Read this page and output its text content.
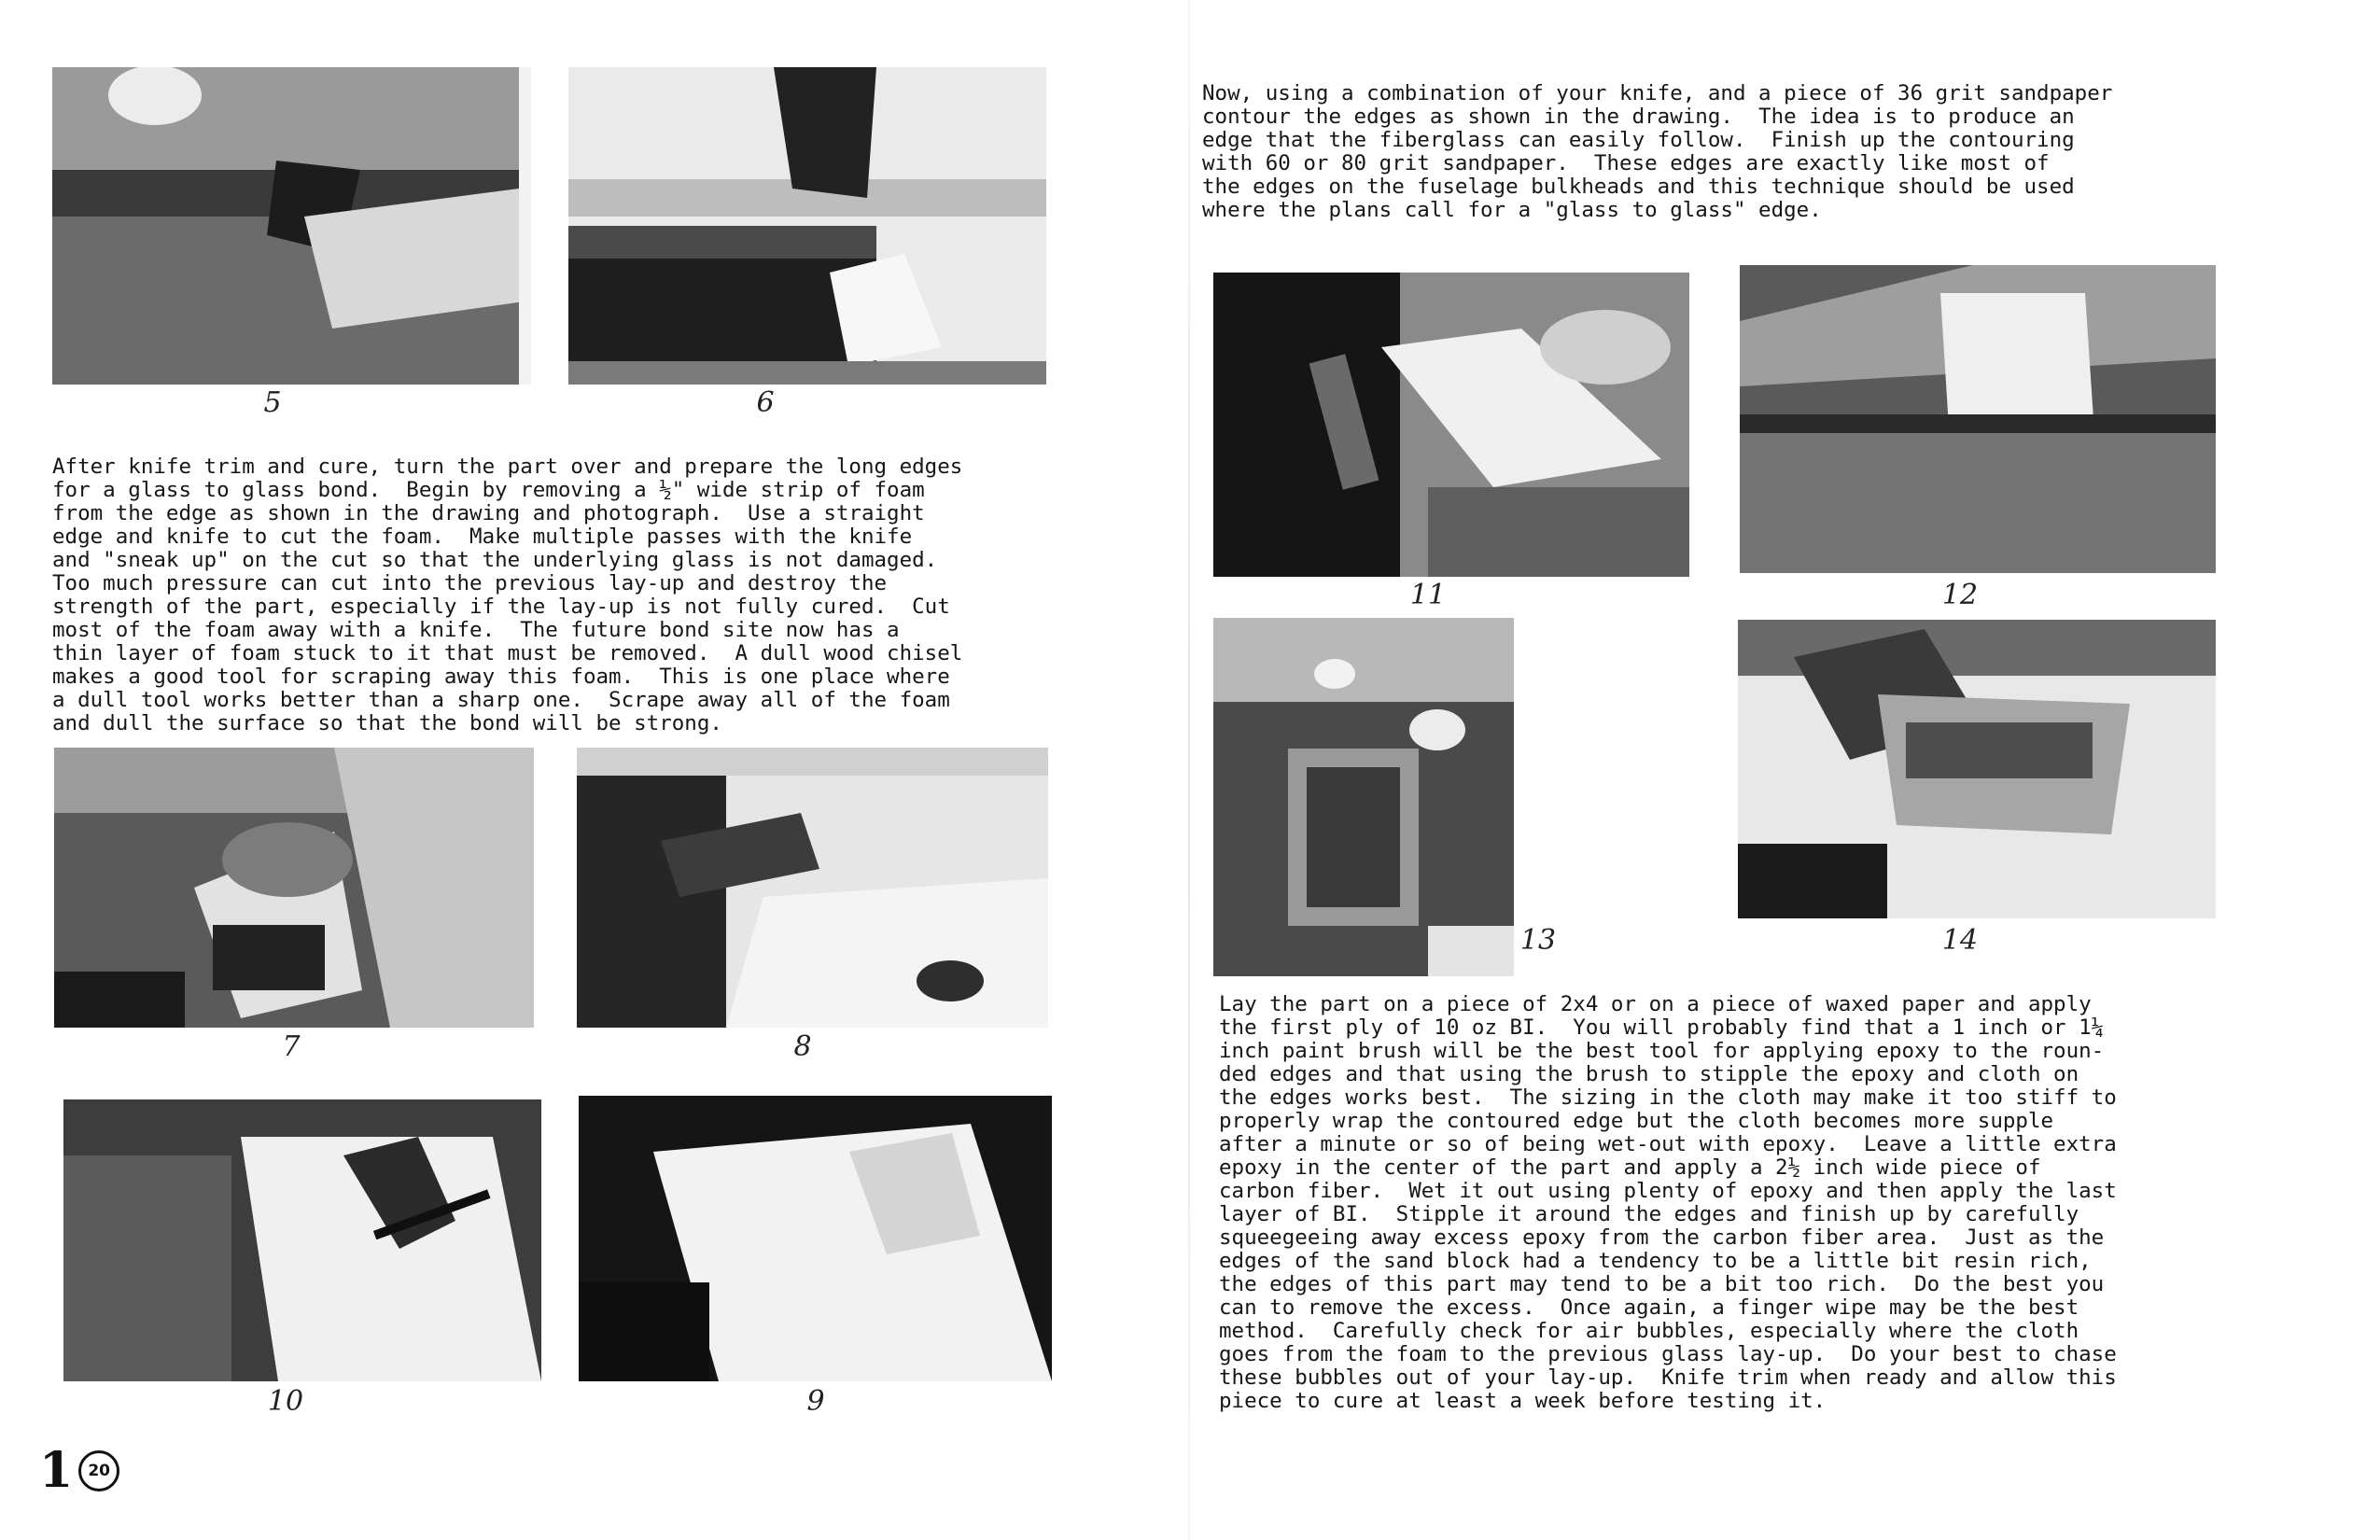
5	6
After knife trim and cure, turn the part over and prepare the long edges
for a glass to glass bond.  Begin by removing a ½" wide strip of foam
from the edge as shown in the drawing and photograph.  Use a straight
edge and knife to cut the foam.  Make multiple passes with the knife
and "sneak up" on the cut so that the underlying glass is not damaged.
Too much pressure can cut into the previous lay-up and destroy the
strength of the part, especially if the lay-up is not fully cured.  Cut
most of the foam away with a knife.  The future bond site now has a
thin layer of foam stuck to it that must be removed.  A dull wood chisel
makes a good tool for scraping away this foam.  This is one place where
a dull tool works better than a sharp one.  Scrape away all of the foam
and dull the surface so that the bond will be strong.
7	8
10	9
1 20
Now, using a combination of your knife, and a piece of 36 grit sandpaper
contour the edges as shown in the drawing.  The idea is to produce an
edge that the fiberglass can easily follow.  Finish up the contouring
with 60 or 80 grit sandpaper.  These edges are exactly like most of
the edges on the fuselage bulkheads and this technique should be used
where the plans call for a "glass to glass" edge.
11	12
13	14
Lay the part on a piece of 2x4 or on a piece of waxed paper and apply
the first ply of 10 oz BI.  You will probably find that a 1 inch or 1¼
inch paint brush will be the best tool for applying epoxy to the roun-
ded edges and that using the brush to stipple the epoxy and cloth on
the edges works best.  The sizing in the cloth may make it too stiff to
properly wrap the contoured edge but the cloth becomes more supple
after a minute or so of being wet-out with epoxy.  Leave a little extra
epoxy in the center of the part and apply a 2½ inch wide piece of
carbon fiber.  Wet it out using plenty of epoxy and then apply the last
layer of BI.  Stipple it around the edges and finish up by carefully
squeegeeing away excess epoxy from the carbon fiber area.  Just as the
edges of the sand block had a tendency to be a little bit resin rich,
the edges of this part may tend to be a bit too rich.  Do the best you
can to remove the excess.  Once again, a finger wipe may be the best
method.  Carefully check for air bubbles, especially where the cloth
goes from the foam to the previous glass lay-up.  Do your best to chase
these bubbles out of your lay-up.  Knife trim when ready and allow this
piece to cure at least a week before testing it.
